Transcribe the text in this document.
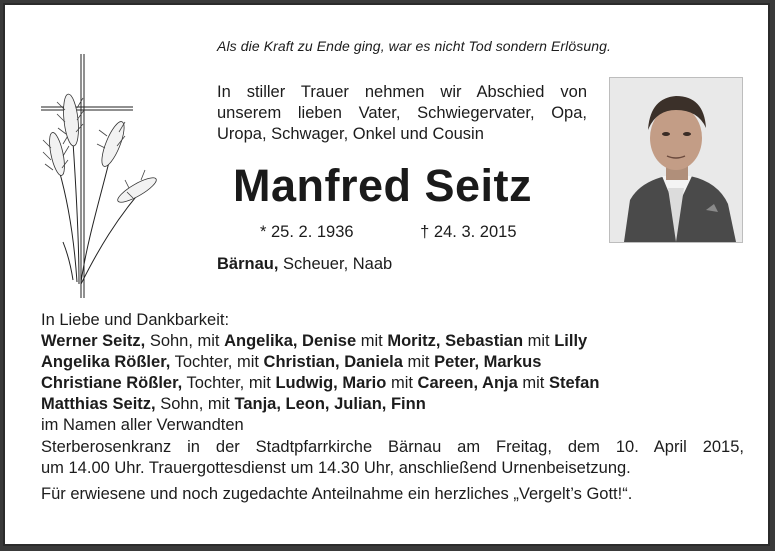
Als die Kraft zu Ende ging, war es nicht Tod sondern Erlösung.
In stiller Trauer nehmen wir Abschied von
unserem lieben Vater, Schwiegervater, Opa,
Uropa, Schwager, Onkel und Cousin
Manfred Seitz
* 25. 2. 1936	† 24. 3. 2015
Bärnau, Scheuer, Naab
In Liebe und Dankbarkeit:
Werner Seitz, Sohn, mit Angelika, Denise mit Moritz, Sebastian mit Lilly
Angelika Rößler, Tochter, mit Christian, Daniela mit Peter, Markus
Christiane Rößler, Tochter, mit Ludwig, Mario mit Careen, Anja mit Stefan
Matthias Seitz, Sohn, mit Tanja, Leon, Julian, Finn
im Namen aller Verwandten
Sterberosenkranz in der Stadtpfarrkirche Bärnau am Freitag, dem 10. April 2015,
um 14.00 Uhr. Trauergottesdienst um 14.30 Uhr, anschließend Urnenbeisetzung.
Für erwiesene und noch zugedachte Anteilnahme ein herzliches „Vergelt’s Gott!“.
